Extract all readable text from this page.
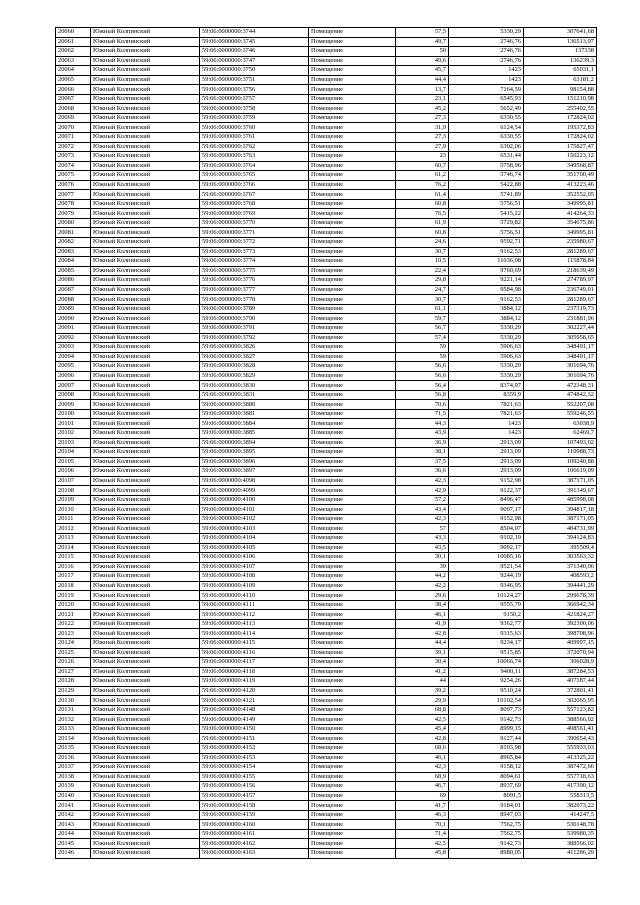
20060	Южный Колпинский	59:06:0000000:3744	Помещение	57,5	5330,29	307641,68
20061	Южный Колпинский	59:06:0000000:3745	Помещение	49,7	2746,76	136513,97
20062	Южный Колпинский	59:06:0000000:3746	Помещение	50	2746,76	137338
20063	Южный Колпинский	59:06:0000000:3747	Помещение	49,6	2746,76	136239,3
20064	Южный Колпинский	59:06:0000000:3750	Помещение	45,7	1423	65031,1
20065	Южный Колпинский	59:06:0000000:3751	Помещение	44,4	1423	63181,2
20066	Южный Колпинский	59:06:0000000:3756	Помещение	13,7	7164,59	98154,88
20067	Южный Колпинский	59:06:0000000:3757	Помещение	23,1	6545,93	151210,98
20068	Южный Колпинский	59:06:0000000:3758	Помещение	45,2	5652,49	255492,55
20069	Южный Колпинский	59:06:0000000:3759	Помещение	27,3	6330,55	172824,02
20070	Южный Колпинский	59:06:0000000:3760	Помещение	31,9	6124,54	195372,83
20071	Южный Колпинский	59:06:0000000:3761	Помещение	27,3	6330,55	172824,02
20072	Южный Колпинский	59:06:0000000:3762	Помещение	27,9	6302,06	175827,47
20073	Южный Колпинский	59:06:0000000:3763	Помещение	23	6531,44	150223,12
20074	Южный Колпинский	59:06:0000000:3764	Помещение	60,7	5758,96	349568,87
20075	Южный Колпинский	59:06:0000000:3765	Помещение	61,2	5746,74	351700,49
20076	Южный Колпинский	59:06:0000000:3766	Помещение	76,2	5422,88	413223,46
20077	Южный Колпинский	59:06:0000000:3767	Помещение	61,4	5741,89	352552,05
20078	Южный Колпинский	59:06:0000000:3768	Помещение	60,8	5756,51	349995,81
20079	Южный Колпинский	59:06:0000000:3769	Помещение	76,5	5415,22	414264,33
20080	Южный Колпинский	59:06:0000000:3770	Помещение	61,9	5729,82	354675,86
20081	Южный Колпинский	59:06:0000000:3771	Помещение	60,8	5756,51	349995,81
20082	Южный Колпинский	59:06:0000000:3772	Помещение	24,6	9592,71	235980,67
20083	Южный Колпинский	59:06:0000000:3773	Помещение	30,7	9162,53	281289,67
20084	Южный Колпинский	59:06:0000000:3774	Помещение	10,5	11036,08	115878,84
20085	Южный Колпинский	59:06:0000000:3775	Помещение	22,4	9760,69	218639,49
20086	Южный Колпинский	59:06:0000000:3776	Помещение	29,8	9221,14	274789,97
20087	Южный Колпинский	59:06:0000000:3777	Помещение	24,7	9584,98	236749,01
20088	Южный Колпинский	59:06:0000000:3778	Помещение	30,7	9162,53	281289,67
20089	Южный Колпинский	59:06:0000000:3789	Помещение	61,1	3884,12	237319,73
20090	Южный Колпинский	59:06:0000000:3790	Помещение	59,7	3884,12	231881,96
20091	Южный Колпинский	59:06:0000000:3791	Помещение	56,7	5330,29	302227,44
20092	Южный Колпинский	59:06:0000000:3792	Помещение	57,4	5330,29	305958,65
20093	Южный Колпинский	59:06:0000000:3826	Помещение	59	5906,63	348491,17
20094	Южный Колпинский	59:06:0000000:3827	Помещение	59	5906,63	348491,17
20095	Южный Колпинский	59:06:0000000:3828	Помещение	56,6	5330,29	301694,76
20096	Южный Колпинский	59:06:0000000:3829	Помещение	56,6	5330,29	301694,76
20097	Южный Колпинский	59:06:0000000:3830	Помещение	56,4	8374,97	472348,31
20098	Южный Колпинский	59:06:0000000:3831	Помещение	56,8	8359,9	474842,32
20099	Южный Колпинский	59:06:0000000:3880	Помещение	70,6	7821,63	552207,08
20100	Южный Колпинский	59:06:0000000:3881	Помещение	71,5	7821,63	559246,55
20101	Южный Колпинский	59:06:0000000:3884	Помещение	44,3	1423	63038,9
20102	Южный Колпинский	59:06:0000000:3885	Помещение	43,9	1423	62469,7
20103	Южный Колпинский	59:06:0000000:3894	Помещение	36,9	2913,09	107493,02
20104	Южный Колпинский	59:06:0000000:3895	Помещение	38,1	2913,09	110988,73
20105	Южный Колпинский	59:06:0000000:3896	Помещение	37,5	2913,09	109240,88
20106	Южный Колпинский	59:06:0000000:3897	Помещение	36,6	2913,09	106619,09
20107	Южный Колпинский	59:06:0000000:4098	Помещение	42,3	9152,98	387171,05
20108	Южный Колпинский	59:06:0000000:4099	Помещение	42,9	9122,37	391349,67
20109	Южный Колпинский	59:06:0000000:4100	Помещение	57,2	8496,47	485998,08
20110	Южный Колпинский	59:06:0000000:4101	Помещение	43,4	9097,17	394817,18
20111	Южный Колпинский	59:06:0000000:4102	Помещение	42,3	9152,98	387171,05
20112	Южный Колпинский	59:06:0000000:4103	Помещение	57	8504,07	484731,99
20113	Южный Колпинский	59:06:0000000:4104	Помещение	43,3	9102,19	394124,83
20114	Южный Колпинский	59:06:0000000:4105	Помещение	43,5	9092,17	395509,4
20115	Южный Колпинский	59:06:0000000:4106	Помещение	30,1	10085,16	303563,32
20116	Южный Колпинский	59:06:0000000:4107	Помещение	39	9521,54	371340,06
20117	Южный Колпинский	59:06:0000000:4108	Помещение	44,2	9244,19	408593,2
20118	Южный Колпинский	59:06:0000000:4109	Помещение	42,2	9346,95	394441,29
20119	Южный Колпинский	59:06:0000000:4110	Помещение	29,6	10124,27	299678,39
20120	Южный Колпинский	59:06:0000000:4111	Помещение	38,4	9555,79	366942,34
20121	Южный Колпинский	59:06:0000000:4112	Помещение	46,1	9150,2	421824,27
20122	Южный Колпинский	59:06:0000000:4113	Помещение	41,9	9362,77	392300,06
20123	Южный Колпинский	59:06:0000000:4114	Помещение	42,8	9315,63	398708,96
20124	Южный Колпинский	59:06:0000000:4115	Помещение	44,4	9234,17	409997,15
20125	Южный Колпинский	59:06:0000000:4116	Помещение	39,1	9515,85	372070,94
20126	Южный Колпинский	59:06:0000000:4117	Помещение	30,4	10066,74	306028,9
20127	Южный Колпинский	59:06:0000000:4118	Помещение	41,2	9400,11	387284,53
20128	Южный Колпинский	59:06:0000000:4119	Помещение	44	9254,26	407187,44
20129	Южный Колпинский	59:06:0000000:4120	Помещение	39,2	9510,24	372801,41
20130	Южный Колпинский	59:06:0000000:4121	Помещение	29,9	10102,54	302065,95
20131	Южный Колпинский	59:06:0000000:4148	Помещение	68,8	8097,73	557123,82
20132	Южный Колпинский	59:06:0000000:4149	Помещение	42,5	9142,73	388566,02
20133	Южный Колпинский	59:06:0000000:4150	Помещение	45,4	8999,15	408561,41
20134	Южный Колпинский	59:06:0000000:4151	Помещение	42,8	9127,44	390654,43
20135	Южный Колпинский	59:06:0000000:4152	Помещение	68,6	8103,98	555933,03
20136	Южный Колпинский	59:06:0000000:4153	Помещение	46,1	8965,84	413325,22
20137	Южный Колпинский	59:06:0000000:4154	Помещение	42,3	9158,12	387472,66
20138	Южный Колпинский	59:06:0000000:4155	Помещение	68,9	8094,61	557718,63
20139	Южный Колпинский	59:06:0000000:4156	Помещение	46,7	8937,69	417390,12
20140	Южный Колпинский	59:06:0000000:4157	Помещение	69	8091,5	558313,5
20141	Южный Колпинский	59:06:0000000:4158	Помещение	41,7	9184,01	382973,22
20142	Южный Колпинский	59:06:0000000:4159	Помещение	46,3	8947,03	414247,5
20143	Южный Колпинский	59:06:0000000:4160	Помещение	70,1	7562,75	530148,78
20144	Южный Колпинский	59:06:0000000:4161	Помещение	71,4	7562,75	539980,35
20145	Южный Колпинский	59:06:0000000:4162	Помещение	42,5	9142,73	388566,02
20146	Южный Колпинский	59:06:0000000:4163	Помещение	45,8	8980,05	411286,29
